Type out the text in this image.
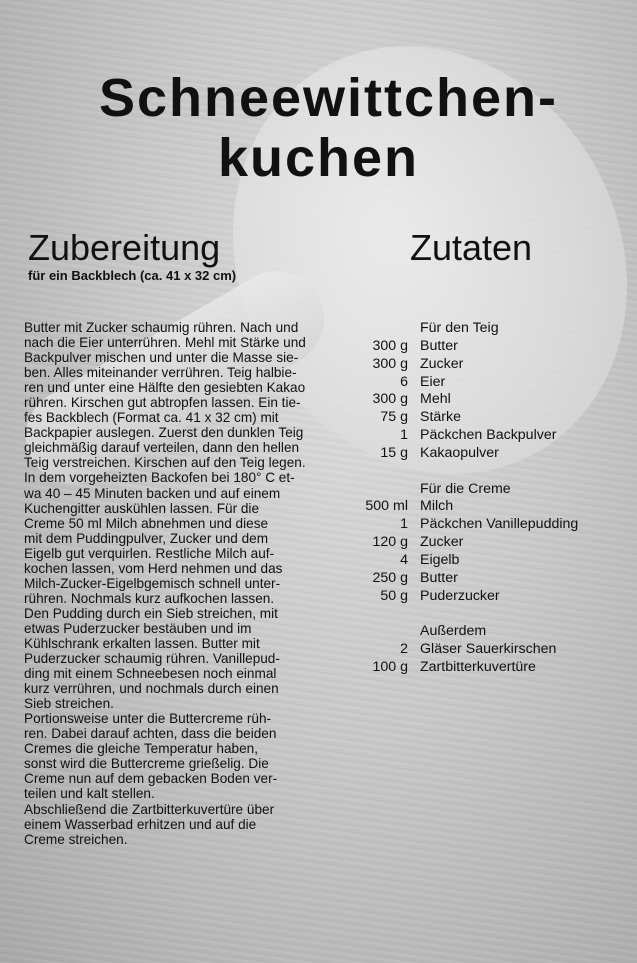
Schneewittchen-
kuchen
Zubereitung
für ein Backblech (ca. 41 x 32 cm)
Butter mit Zucker schaumig rühren. Nach und
nach die Eier unterrühren. Mehl mit Stärke und
Backpulver mischen und unter die Masse sie-
ben. Alles miteinander verrühren. Teig halbie-
ren und unter eine Hälfte den gesiebten Kakao
rühren. Kirschen gut abtropfen lassen. Ein tie-
fes Backblech (Format ca. 41 x 32 cm) mit
Backpapier auslegen. Zuerst den dunklen Teig
gleichmäßig darauf verteilen, dann den hellen
Teig verstreichen. Kirschen auf den Teig legen.
In dem vorgeheizten Backofen bei 180° C et-
wa 40 – 45 Minuten backen und auf einem
Kuchengitter auskühlen lassen. Für die
Creme 50 ml Milch abnehmen und diese
mit dem Puddingpulver, Zucker und dem
Eigelb gut verquirlen. Restliche Milch auf-
kochen lassen, vom Herd nehmen und das
Milch-Zucker-Eigelbgemisch schnell unter-
rühren. Nochmals kurz aufkochen lassen.
Den Pudding durch ein Sieb streichen, mit
etwas Puderzucker bestäuben und im
Kühlschrank erkalten lassen. Butter mit
Puderzucker schaumig rühren. Vanillepud-
ding mit einem Schneebesen noch einmal
kurz verrühren, und nochmals durch einen
Sieb streichen.
Portionsweise unter die Buttercreme rüh-
ren. Dabei darauf achten, dass die beiden
Cremes die gleiche Temperatur haben,
sonst wird die Buttercreme grießelig. Die
Creme nun auf dem gebacken Boden ver-
teilen und kalt stellen.
Abschließend die Zartbitterkuvertüre über
einem Wasserbad erhitzen und auf die
Creme streichen.
Zutaten
Für den Teig
300 g Butter
300 g Zucker
6 Eier
300 g Mehl
75 g Stärke
1 Päckchen Backpulver
15 g Kakaopulver
Für die Creme
500 ml Milch
1 Päckchen Vanillepudding
120 g Zucker
4 Eigelb
250 g Butter
50 g Puderzucker
Außerdem
2 Gläser Sauerkirschen
100 g Zartbitterkuvertüre
